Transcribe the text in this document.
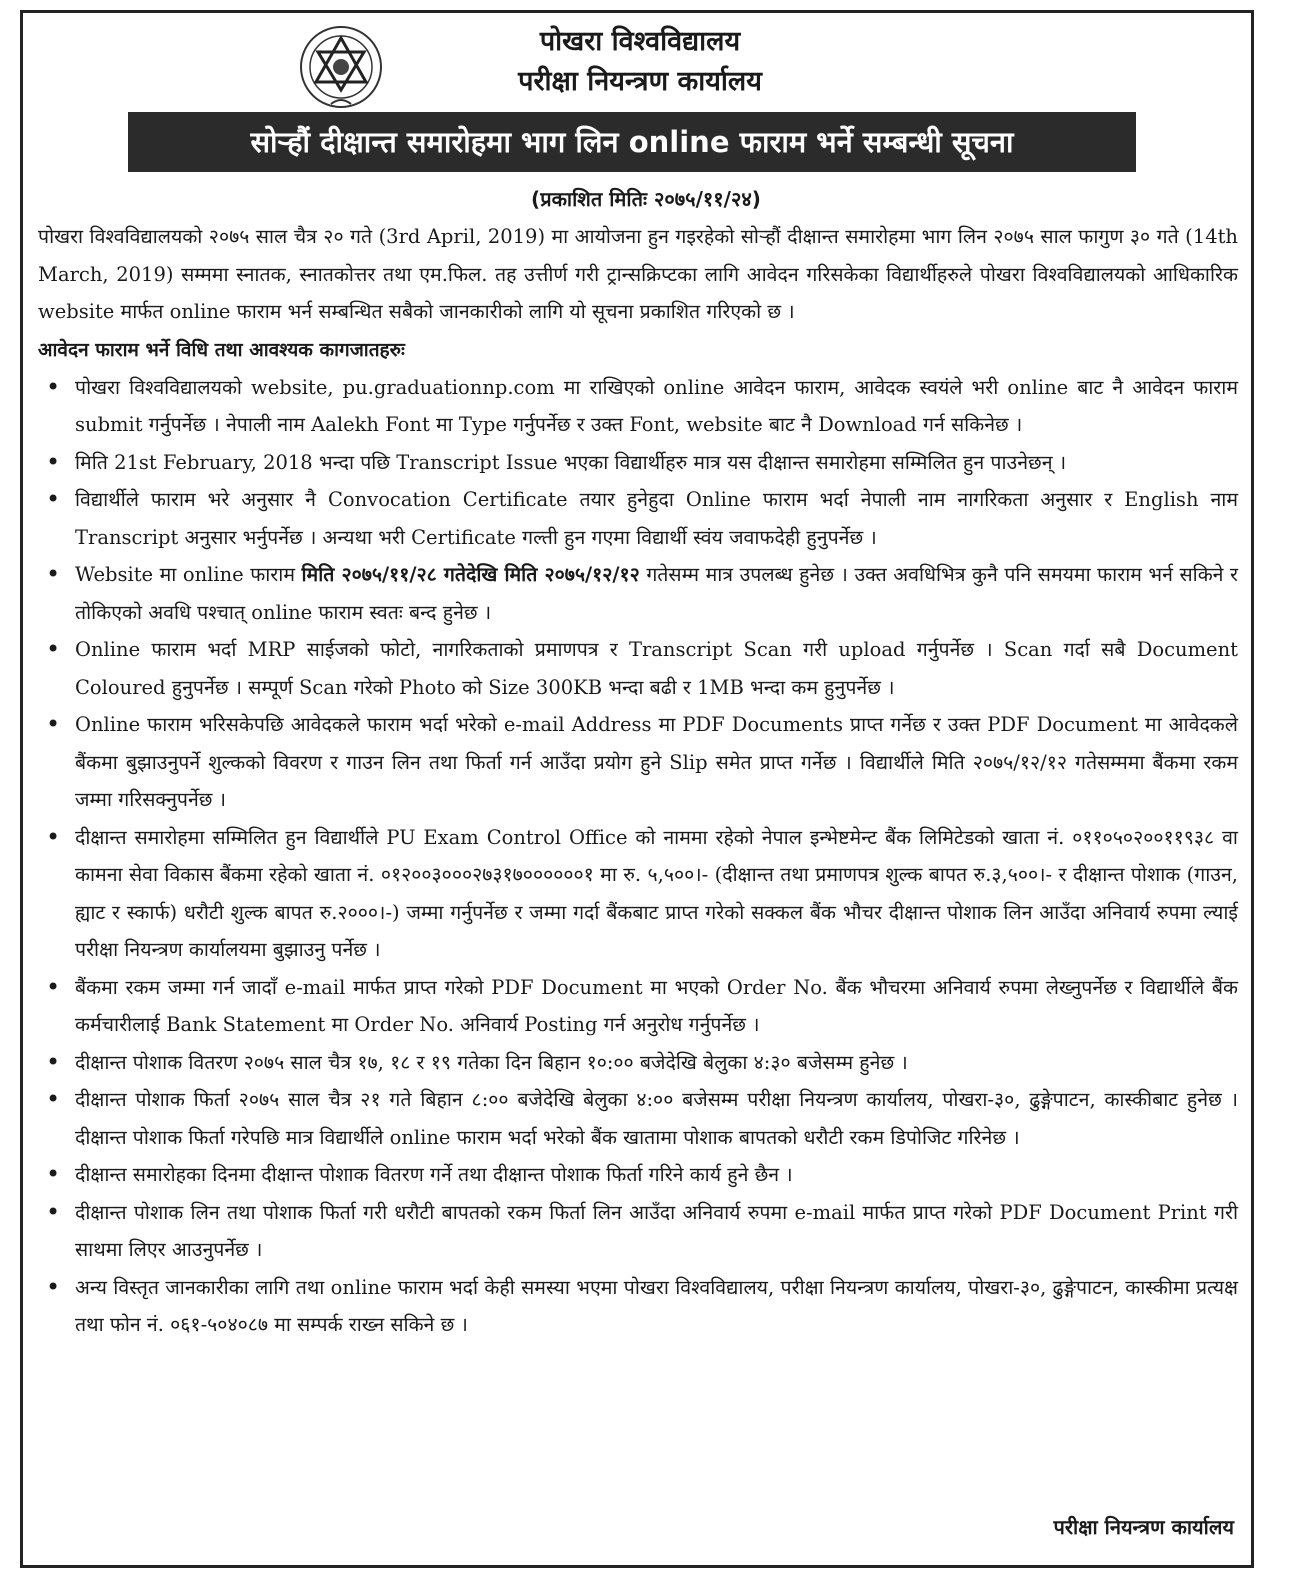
पोखरा विश्वविद्यालय
परीक्षा नियन्त्रण कार्यालय
सोऱ्हौं दीक्षान्त समारोहमा भाग लिन online फाराम भर्ने सम्बन्धी सूचना
(प्रकाशित मितिः २०७५/११/२४)

पोखरा विश्वविद्यालयको २०७५ साल चैत्र २० गते (3rd April, 2019) मा आयोजना हुन गइरहेको सोऱ्हौं दीक्षान्त समारोहमा भाग लिन २०७५ साल फागुण ३० गते (14th March, 2019) सम्ममा स्नातक, स्नातकोत्तर तथा एम.फिल. तह उत्तीर्ण गरी ट्रान्सक्रिप्टका लागि आवेदन गरिसकेका विद्यार्थीहरुले पोखरा विश्वविद्यालयको आधिकारिक website मार्फत online फाराम भर्न सम्बन्धित सबैको जानकारीको लागि यो सूचना प्रकाशित गरिएको छ ।

आवेदन फाराम भर्ने विधि तथा आवश्यक कागजातहरुः

• पोखरा विश्वविद्यालयको website, pu.graduationnp.com मा राखिएको online आवेदन फाराम, आवेदक स्वयंले भरी online बाट नै आवेदन फाराम submit गर्नुपर्नेछ । नेपाली नाम Aalekh Font मा Type गर्नुपर्नेछ र उक्त Font, website बाट नै Download गर्न सकिनेछ ।
• मिति 21st February, 2018 भन्दा पछि Transcript Issue भएका विद्यार्थीहरु मात्र यस दीक्षान्त समारोहमा सम्मिलित हुन पाउनेछन् ।
• विद्यार्थीले फाराम भरे अनुसार नै Convocation Certificate तयार हुनेहुदा Online फाराम भर्दा नेपाली नाम नागरिकता अनुसार र English नाम Transcript अनुसार भर्नुपर्नेछ । अन्यथा भरी Certificate गल्ती हुन गएमा विद्यार्थी स्वंय जवाफदेही हुनुपर्नेछ ।
• Website मा online फाराम मिति २०७५/११/२८ गतेदेखि मिति २०७५/१२/१२ गतेसम्म मात्र उपलब्ध हुनेछ । उक्त अवधिभित्र कुनै पनि समयमा फाराम भर्न सकिने र तोकिएको अवधि पश्चात् online फाराम स्वतः बन्द हुनेछ ।
• Online फाराम भर्दा MRP साईजको फोटो, नागरिकताको प्रमाणपत्र र Transcript Scan गरी upload गर्नुपर्नेछ । Scan गर्दा सबै Document Coloured हुनुपर्नेछ । सम्पूर्ण Scan गरेको Photo को Size 300KB भन्दा बढी र 1MB भन्दा कम हुनुपर्नेछ ।
• Online फाराम भरिसकेपछि आवेदकले फाराम भर्दा भरेको e-mail Address मा PDF Documents प्राप्त गर्नेछ र उक्त PDF Document मा आवेदकले बैंकमा बुझाउनुपर्ने शुल्कको विवरण र गाउन लिन तथा फिर्ता गर्न आउँदा प्रयोग हुने Slip समेत प्राप्त गर्नेछ । विद्यार्थीले मिति २०७५/१२/१२ गतेसम्ममा बैंकमा रकम जम्मा गरिसक्नुपर्नेछ ।
• दीक्षान्त समारोहमा सम्मिलित हुन विद्यार्थीले PU Exam Control Office को नाममा रहेको नेपाल इन्भेष्टमेन्ट बैंक लिमिटेडको खाता नं. ०११०५०२००११९३८ वा कामना सेवा विकास बैंकमा रहेको खाता नं. ०१२००३०००२७३१७००००००१ मा रु. ५,५००।- (दीक्षान्त तथा प्रमाणपत्र शुल्क बापत रु.३,५००।- र दीक्षान्त पोशाक (गाउन, ह्याट र स्कार्फ) धरौटी शुल्क बापत रु.२०००।-) जम्मा गर्नुपर्नेछ र जम्मा गर्दा बैंकबाट प्राप्त गरेको सक्कल बैंक भौचर दीक्षान्त पोशाक लिन आउँदा अनिवार्य रुपमा ल्याई परीक्षा नियन्त्रण कार्यालयमा बुझाउनु पर्नेछ ।
• बैंकमा रकम जम्मा गर्न जादाँ e-mail मार्फत प्राप्त गरेको PDF Document मा भएको Order No. बैंक भौचरमा अनिवार्य रुपमा लेख्नुपर्नेछ र विद्यार्थीले बैंक कर्मचारीलाई Bank Statement मा Order No. अनिवार्य Posting गर्न अनुरोध गर्नुपर्नेछ ।
• दीक्षान्त पोशाक वितरण २०७५ साल चैत्र १७, १८ र १९ गतेका दिन बिहान १०:०० बजेदेखि बेलुका ४:३० बजेसम्म हुनेछ ।
• दीक्षान्त पोशाक फिर्ता २०७५ साल चैत्र २१ गते बिहान ८:०० बजेदेखि बेलुका ४:०० बजेसम्म परीक्षा नियन्त्रण कार्यालय, पोखरा-३०, ढुङ्गेपाटन, कास्कीबाट हुनेछ । दीक्षान्त पोशाक फिर्ता गरेपछि मात्र विद्यार्थीले online फाराम भर्दा भरेको बैंक खातामा पोशाक बापतको धरौटी रकम डिपोजिट गरिनेछ ।
• दीक्षान्त समारोहका दिनमा दीक्षान्त पोशाक वितरण गर्ने तथा दीक्षान्त पोशाक फिर्ता गरिने कार्य हुने छैन ।
• दीक्षान्त पोशाक लिन तथा पोशाक फिर्ता गरी धरौटी बापतको रकम फिर्ता लिन आउँदा अनिवार्य रुपमा e-mail मार्फत प्राप्त गरेको PDF Document Print गरी साथमा लिएर आउनुपर्नेछ ।
• अन्य विस्तृत जानकारीका लागि तथा online फाराम भर्दा केही समस्या भएमा पोखरा विश्वविद्यालय, परीक्षा नियन्त्रण कार्यालय, पोखरा-३०, ढुङ्गेपाटन, कास्कीमा प्रत्यक्ष तथा फोन नं. ०६१-५०४०८७ मा सम्पर्क राख्न सकिने छ ।
परीक्षा नियन्त्रण कार्यालय
